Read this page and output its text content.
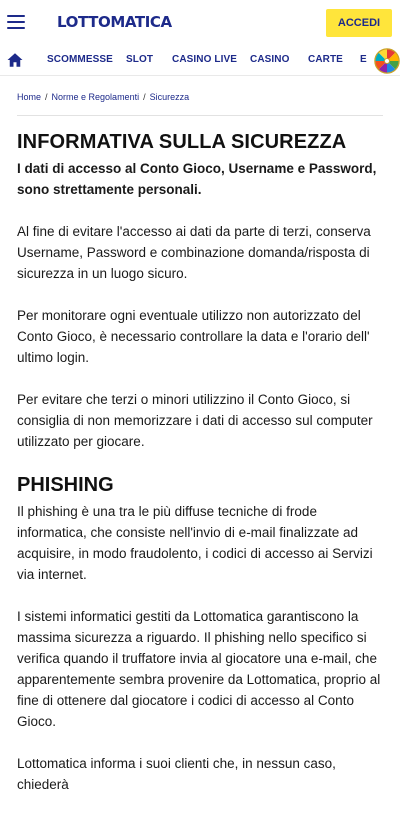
LOTTOMATICA	ACCEDI
SCOMMESSE SLOT CASINO LIVE CASINO CARTE E
Home / Norme e Regolamenti / Sicurezza
INFORMATIVA SULLA SICUREZZA

I dati di accesso al Conto Gioco, Username e Password, sono strettamente personali.

Al fine di evitare l'accesso ai dati da parte di terzi, conserva Username, Password e combinazione domanda/risposta di sicurezza in un luogo sicuro.

Per monitorare ogni eventuale utilizzo non autorizzato del Conto Gioco, è necessario controllare la data e l'orario dell' ultimo login.

Per evitare che terzi o minori utilizzino il Conto Gioco, si consiglia di non memorizzare i dati di accesso sul computer utilizzato per giocare.

PHISHING

Il phishing è una tra le più diffuse tecniche di frode informatica, che consiste nell'invio di e-mail finalizzate ad acquisire, in modo fraudolento, i codici di accesso ai Servizi via internet.

I sistemi informatici gestiti da Lottomatica garantiscono la massima sicurezza a riguardo. Il phishing nello specifico si verifica quando il truffatore invia al giocatore una e-mail, che apparentemente sembra provenire da Lottomatica, proprio al fine di ottenere dal giocatore i codici di accesso al Conto Gioco.

Lottomatica informa i suoi clienti che, in nessun caso, chiederà
